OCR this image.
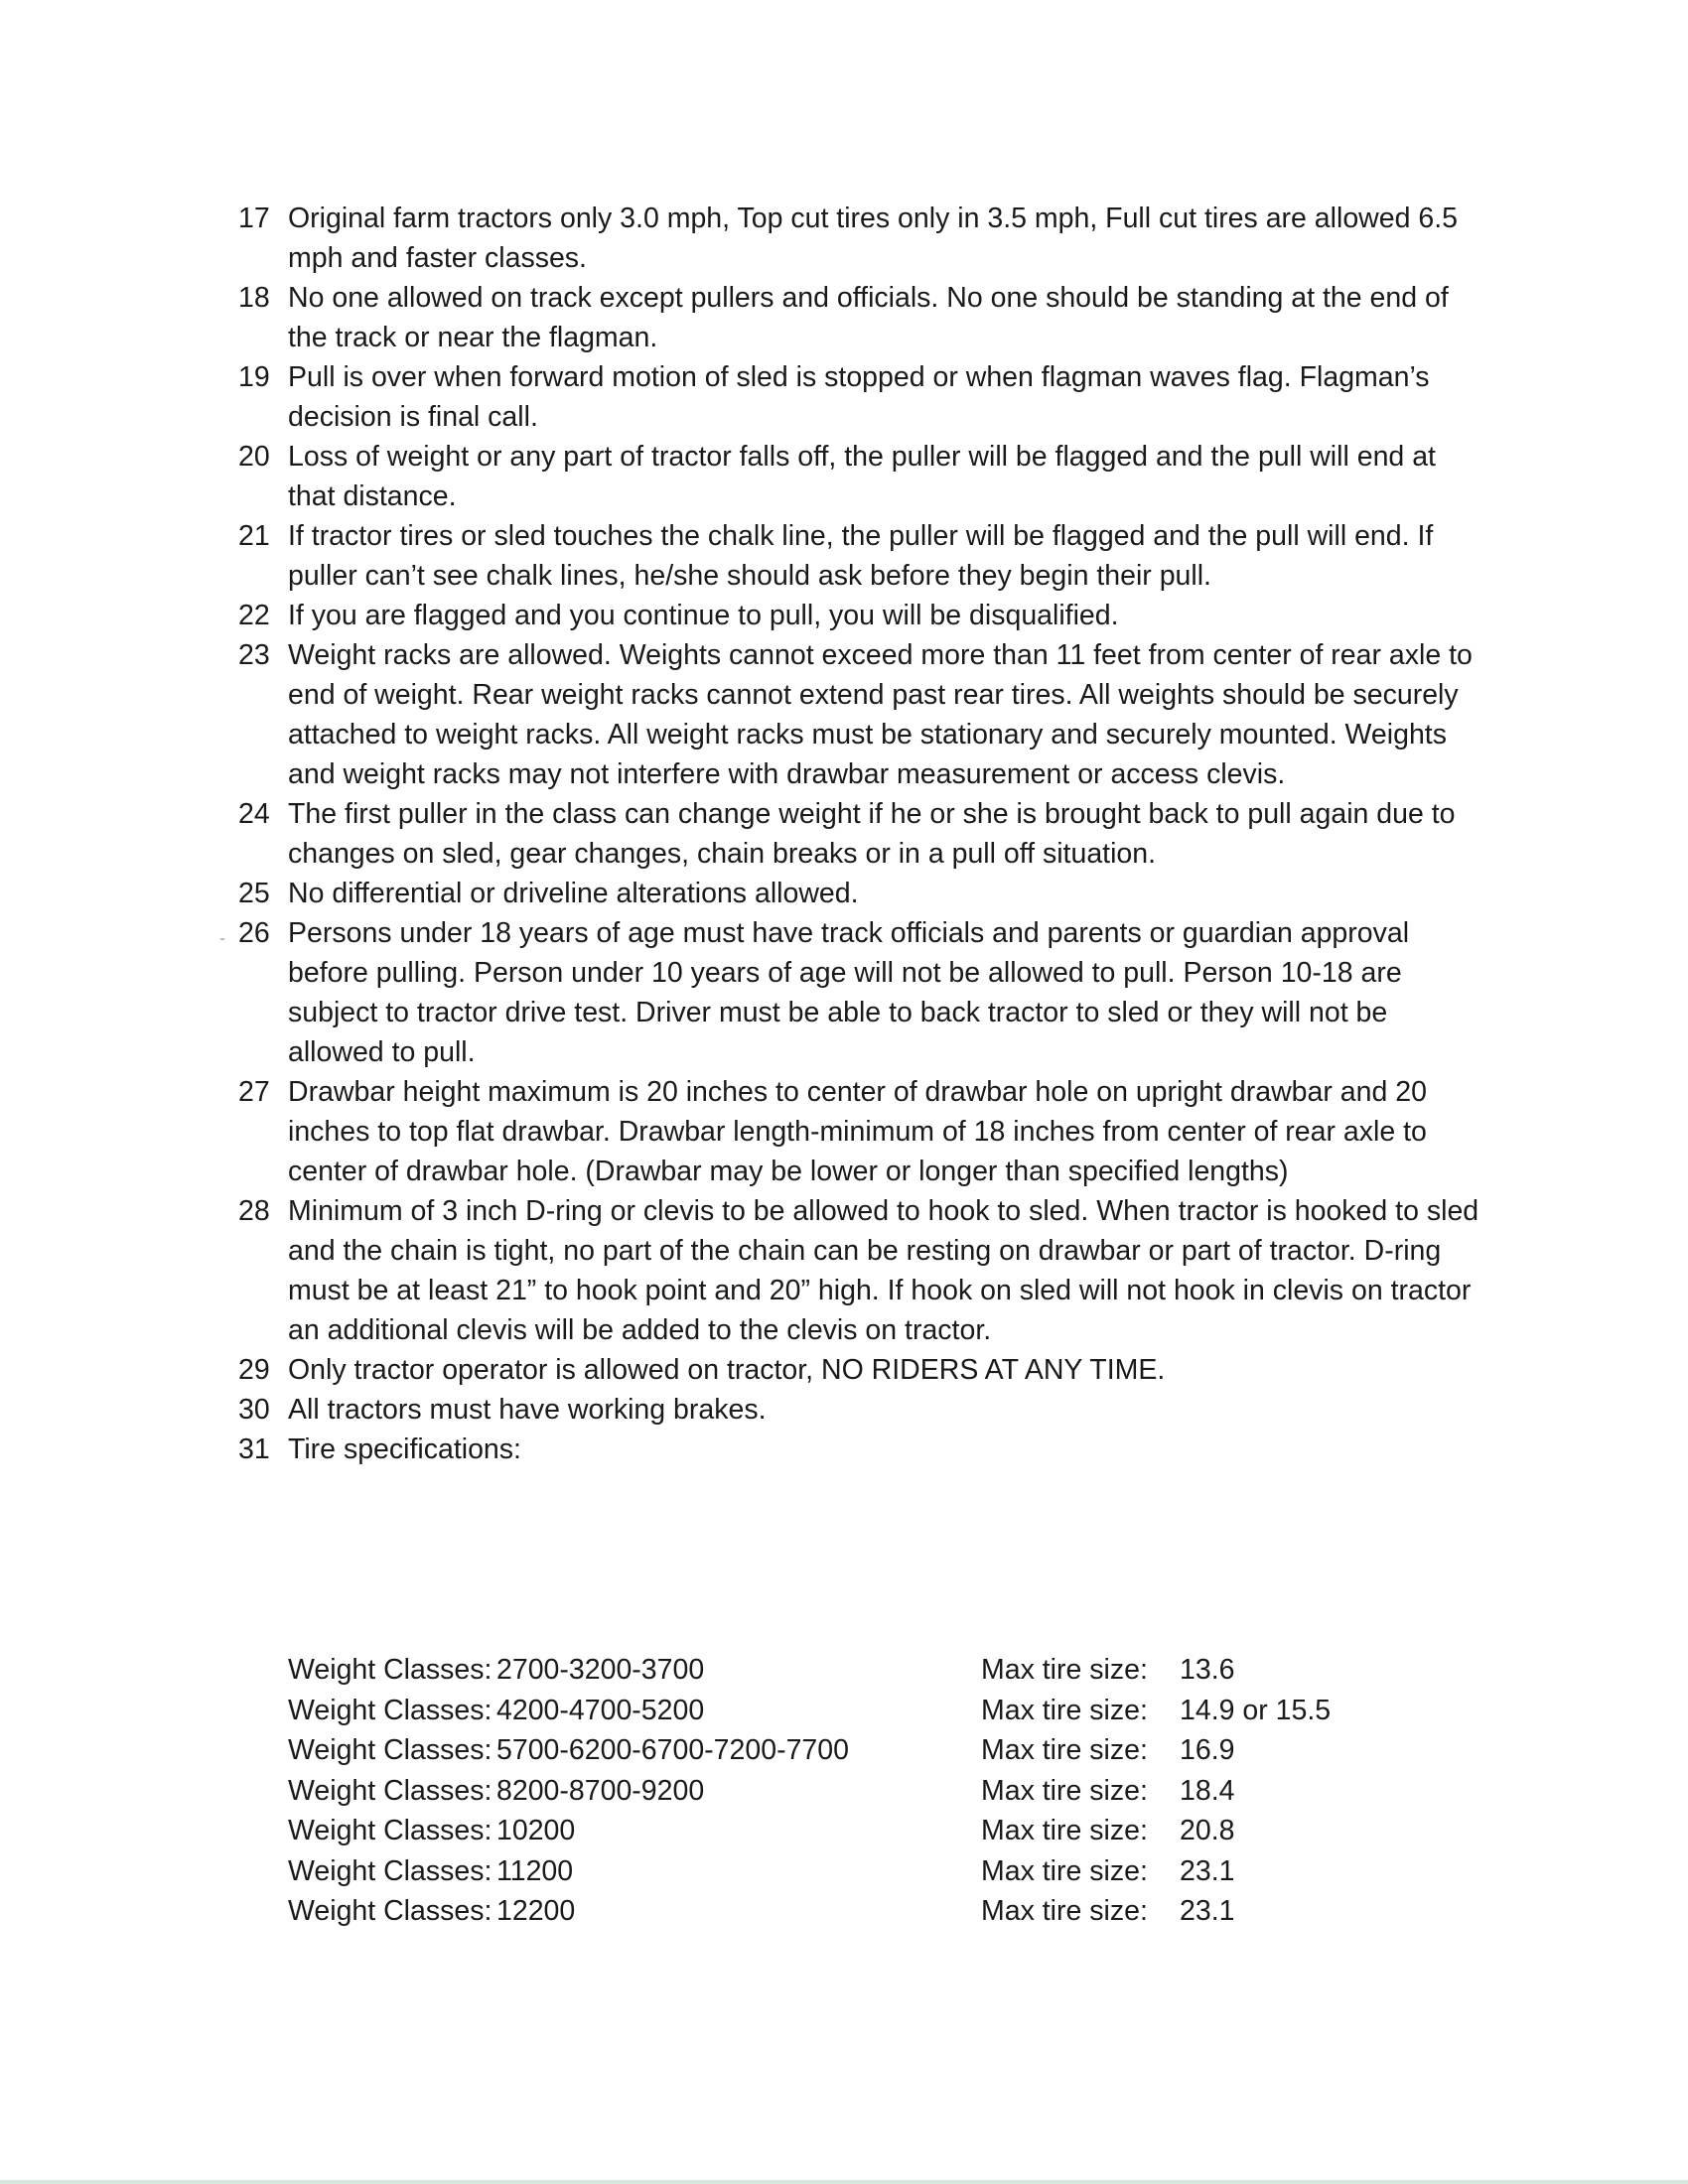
17 Original farm tractors only 3.0 mph, Top cut tires only in 3.5 mph, Full cut tires are allowed 6.5 mph and faster classes.
18 No one allowed on track except pullers and officials. No one should be standing at the end of the track or near the flagman.
19 Pull is over when forward motion of sled is stopped or when flagman waves flag. Flagman’s decision is final call.
20 Loss of weight or any part of tractor falls off, the puller will be flagged and the pull will end at that distance.
21 If tractor tires or sled touches the chalk line, the puller will be flagged and the pull will end. If puller can’t see chalk lines, he/she should ask before they begin their pull.
22 If you are flagged and you continue to pull, you will be disqualified.
23 Weight racks are allowed. Weights cannot exceed more than 11 feet from center of rear axle to end of weight. Rear weight racks cannot extend past rear tires. All weights should be securely attached to weight racks. All weight racks must be stationary and securely mounted. Weights and weight racks may not interfere with drawbar measurement or access clevis.
24 The first puller in the class can change weight if he or she is brought back to pull again due to changes on sled, gear changes, chain breaks or in a pull off situation.
25 No differential or driveline alterations allowed.
26 Persons under 18 years of age must have track officials and parents or guardian approval before pulling. Person under 10 years of age will not be allowed to pull. Person 10-18 are subject to tractor drive test. Driver must be able to back tractor to sled or they will not be allowed to pull.
27 Drawbar height maximum is 20 inches to center of drawbar hole on upright drawbar and 20 inches to top flat drawbar. Drawbar length-minimum of 18 inches from center of rear axle to center of drawbar hole. (Drawbar may be lower or longer than specified lengths)
28 Minimum of 3 inch D-ring or clevis to be allowed to hook to sled. When tractor is hooked to sled and the chain is tight, no part of the chain can be resting on drawbar or part of tractor. D-ring must be at least 21” to hook point and 20” high. If hook on sled will not hook in clevis on tractor an additional clevis will be added to the clevis on tractor.
29 Only tractor operator is allowed on tractor, NO RIDERS AT ANY TIME.
30 All tractors must have working brakes.
31 Tire specifications:
Weight Classes:	2700-3200-3700	Max tire size:	13.6
Weight Classes:	4200-4700-5200	Max tire size:	14.9 or 15.5
Weight Classes:	5700-6200-6700-7200-7700	Max tire size:	16.9
Weight Classes:	8200-8700-9200	Max tire size:	18.4
Weight Classes:	10200	Max tire size:	20.8
Weight Classes:	11200	Max tire size:	23.1
Weight Classes:	12200	Max tire size:	23.1
